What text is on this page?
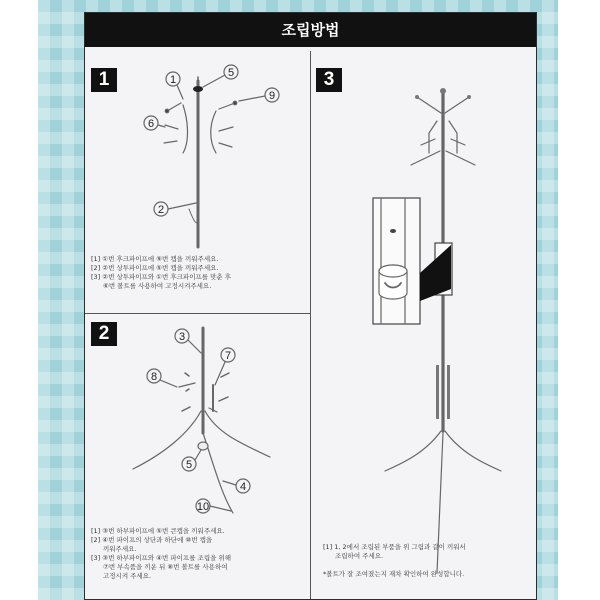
조립방법
1
2
3
1
5
9
6
2
3
7
8
5
4
10
[1] ①번 후크파이프에 ⑨번 캡을 끼워주세요.
[2] ②번 상투파이프에 ⑤번 캡을 끼워주세요.
[3] ②번 상투파이프와 ①번 후크파이프를 맞춘 후
⑥번 볼트를 사용하여 고정시켜주세요.
[1] ③번 하부파이프에 ⑤번 큰캡을 끼워주세요.
[2] ④번 파이프의 상단과 하단에 ⑩번 캡을
끼워주세요.
[3] ③번 하부파이프와 ④번 파이프를 조립을 위해
⑦번 부속품을 끼운 뒤 ⑧번 볼트를 사용하여
고정시켜 주세요.
[1] 1, 2에서 조립된 부품을 위 그림과 같이 끼워서
조립하여 주세요.
*볼트가 잘 조여졌는지 재차 확인하여 완성합니다.
